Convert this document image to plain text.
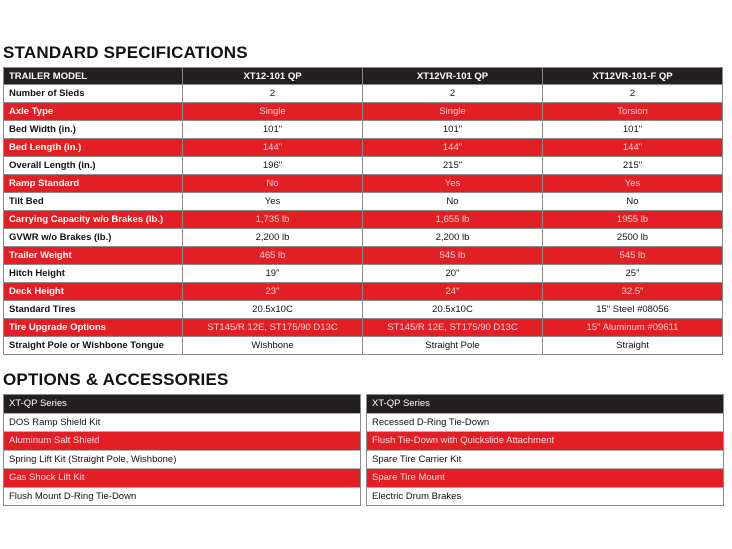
STANDARD SPECIFICATIONS
TRAILER MODEL	XT12-101 QP	XT12VR-101 QP	XT12VR-101-F QP
Number of Sleds	2	2	2
Axle Type	Single	Single	Torsion
Bed Width (in.)	101"	101"	101"
Bed Length (in.)	144"	144"	144"
Overall Length (in.)	196"	215"	215"
Ramp Standard	No	Yes	Yes
Tilt Bed	Yes	No	No
Carrying Capacity w/o Brakes (lb.)	1,735 lb	1,655 lb	1955 lb
GVWR w/o Brakes (lb.)	2,200 lb	2,200 lb	2500 lb
Trailer Weight	465 lb	545 lb	545 lb
Hitch Height	19"	20"	25"
Deck Height	23"	24"	32.5"
Standard Tires	20.5x10C	20.5x10C	15" Steel #08056
Tire Upgrade Options	ST145/R 12E, ST175/90 D13C	ST145/R 12E, ST175/90 D13C	15" Aluminum #09611
Straight Pole or Wishbone Tongue	Wishbone	Straight Pole	Straight
OPTIONS & ACCESSORIES
XT-QP Series
DOS Ramp Shield Kit
Aluminum Salt Shield
Spring Lift Kit (Straight Pole, Wishbone)
Gas Shock Lift Kit
Flush Mount D-Ring Tie-Down
XT-QP Series
Recessed D-Ring Tie-Down
Flush Tie-Down with Quickslide Attachment
Spare Tire Carrier Kit
Spare Tire Mount
Electric Drum Brakes
